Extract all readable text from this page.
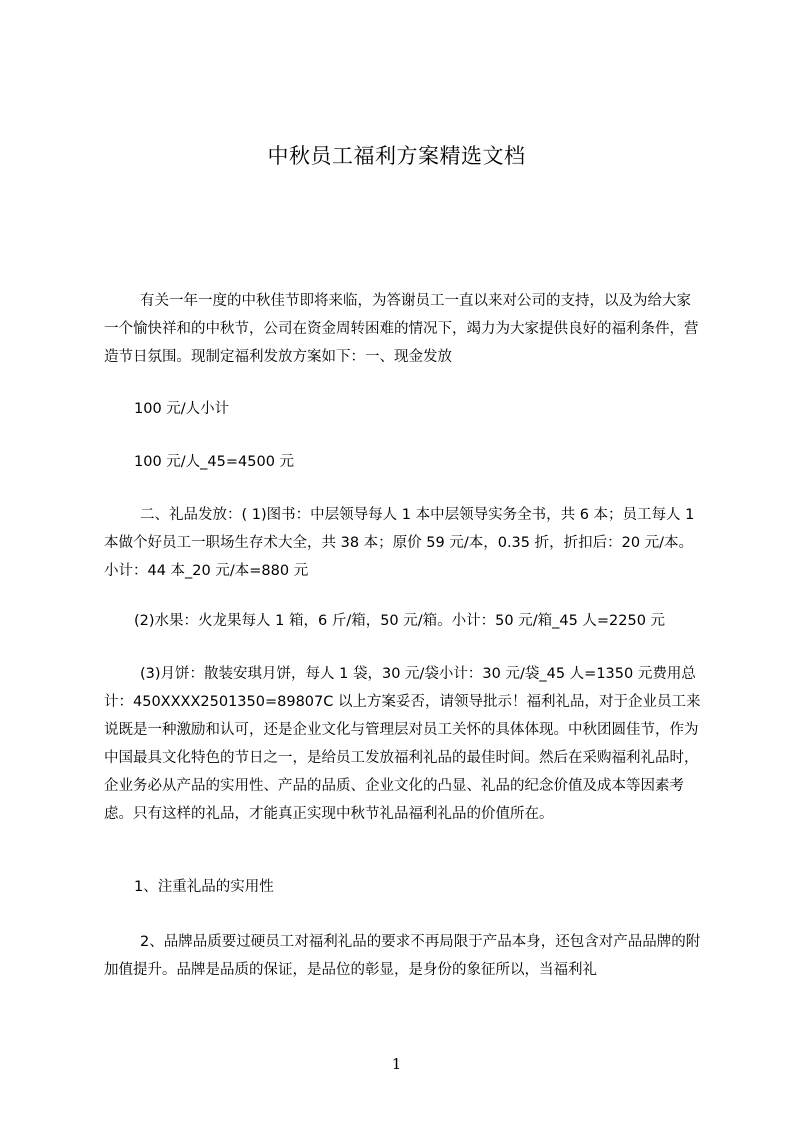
中秋员工福利方案精选文档

有关一年一度的中秋佳节即将来临，为答谢员工一直以来对公司的支持，以及为给大家一个愉快祥和的中秋节，公司在资金周转困难的情况下，竭力为大家提供良好的福利条件，营造节日氛围。现制定福利发放方案如下：一、现金发放

100 元/人小计

100 元/人_45=4500 元

二、礼品发放：( 1)图书：中层领导每人 1 本中层领导实务全书，共 6 本；员工每人 1 本做个好员工一职场生存术大全，共 38 本；原价 59 元/本，0.35 折，折扣后：20 元/本。小计：44 本_20 元/本=880 元

(2)水果：火龙果每人 1 箱，6 斤/箱，50 元/箱。小计：50 元/箱_45 人=2250 元

(3)月饼：散装安琪月饼，每人 1 袋，30 元/袋小计：30 元/袋_45 人=1350 元费用总计：450XXXX2501350=89807C 以上方案妥否，请领导批示！福利礼品，对于企业员工来说既是一种激励和认可，还是企业文化与管理层对员工关怀的具体体现。中秋团圆佳节，作为中国最具文化特色的节日之一，是给员工发放福利礼品的最佳时间。然后在采购福利礼品时，企业务必从产品的实用性、产品的品质、企业文化的凸显、礼品的纪念价值及成本等因素考虑。只有这样的礼品，才能真正实现中秋节礼品福利礼品的价值所在。

1、注重礼品的实用性

2、品牌品质要过硬员工对福利礼品的要求不再局限于产品本身，还包含对产品品牌的附加值提升。品牌是品质的保证，是品位的彰显，是身份的象征所以，当福利礼

1
